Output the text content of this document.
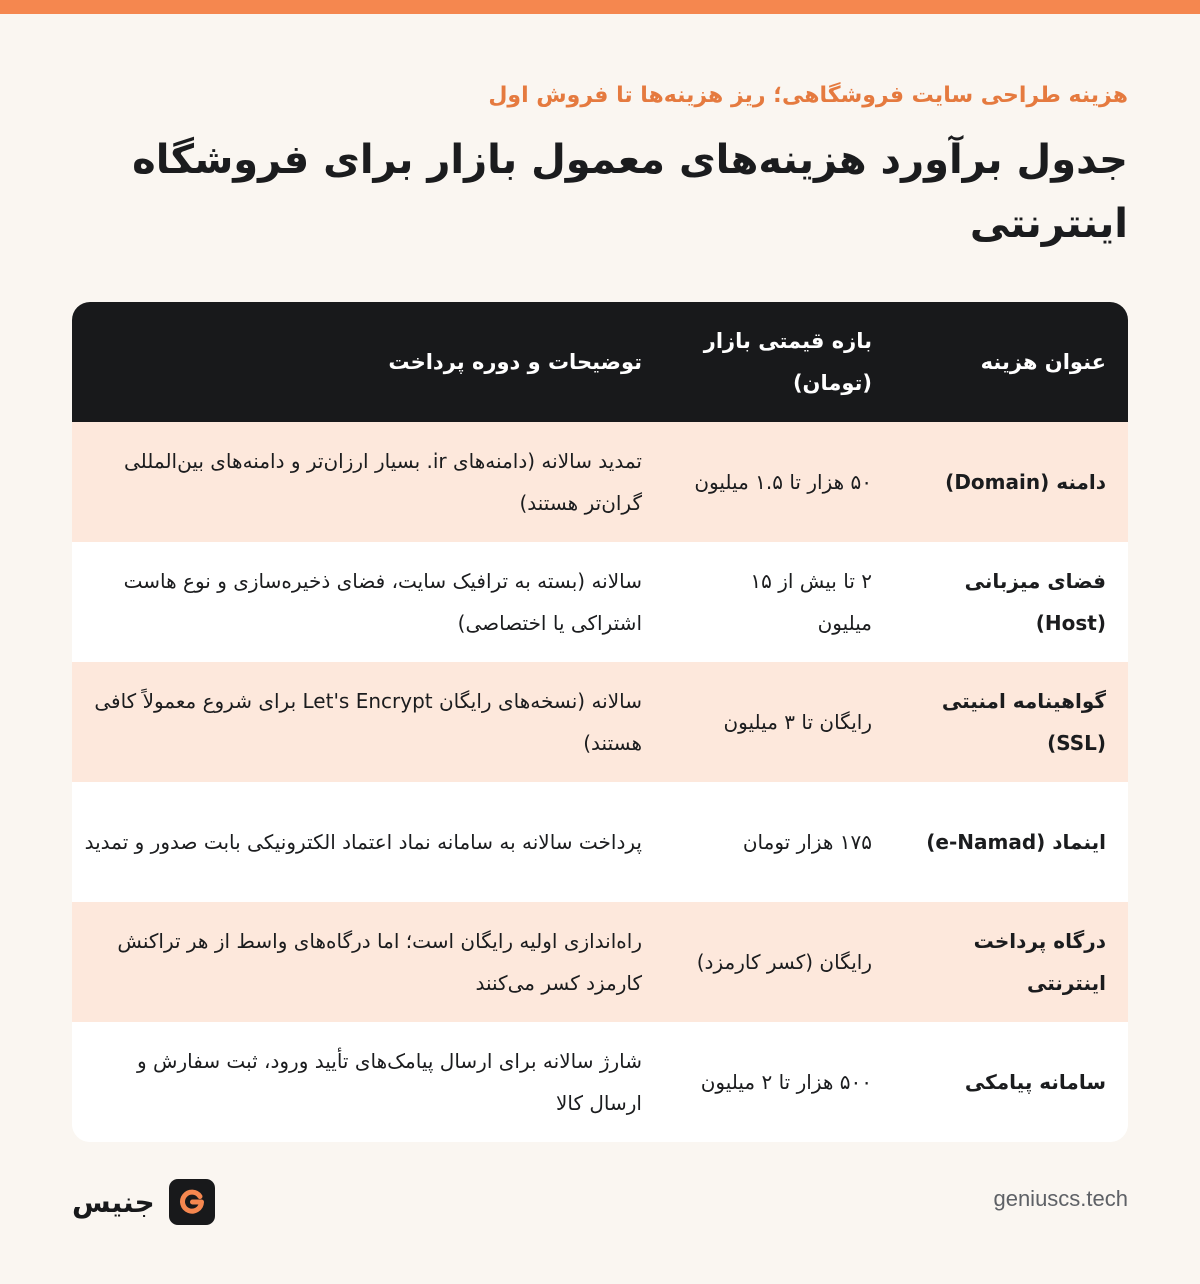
هزینه طراحی سایت فروشگاهی؛ ریز هزینه‌ها تا فروش اول
جدول برآورد هزینه‌های معمول بازار برای فروشگاه اینترنتی
عنوان هزینه
بازه قیمتی بازار (تومان)
توضیحات و دوره پرداخت
دامنه (Domain)
۵۰ هزار تا ۱.۵ میلیون
تمدید سالانه (دامنه‌های ir. بسیار ارزان‌تر و دامنه‌های بین‌المللی گران‌تر هستند)
فضای میزبانی (Host)
۲ تا بیش از ۱۵ میلیون
سالانه (بسته به ترافیک سایت، فضای ذخیره‌سازی و نوع هاست اشتراکی یا اختصاصی)
گواهینامه امنیتی (SSL)
رایگان تا ۳ میلیون
سالانه (نسخه‌های رایگان Let's Encrypt برای شروع معمولاً کافی هستند)
اینماد (e-Namad)
۱۷۵ هزار تومان
پرداخت سالانه به سامانه نماد اعتماد الکترونیکی بابت صدور و تمدید
درگاه پرداخت اینترنتی
رایگان (کسر کارمزد)
راه‌اندازی اولیه رایگان است؛ اما درگاه‌های واسط از هر تراکنش کارمزد کسر می‌کنند
سامانه پیامکی
۵۰۰ هزار تا ۲ میلیون
شارژ سالانه برای ارسال پیامک‌های تأیید ورود، ثبت سفارش و ارسال کالا
جنیس	geniuscs.tech
